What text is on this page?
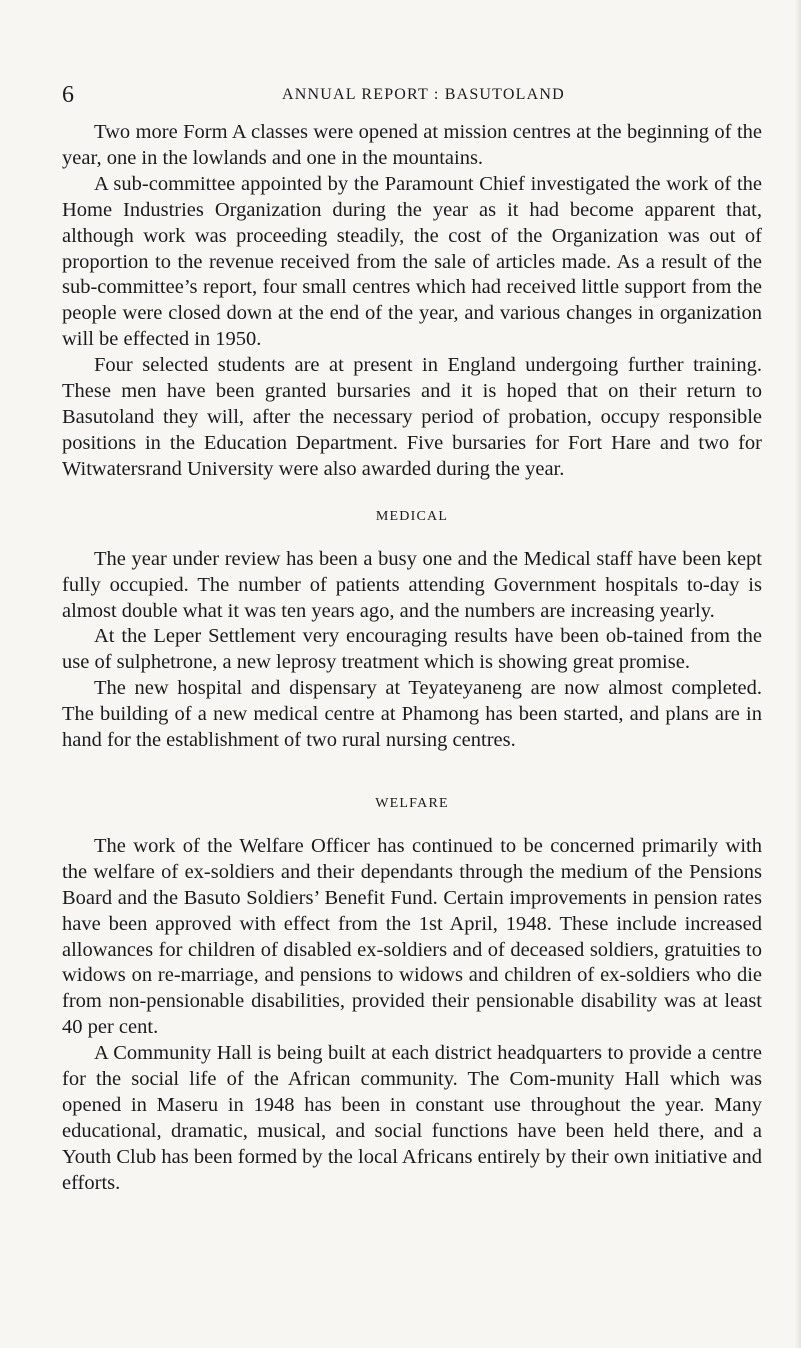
6	ANNUAL REPORT : BASUTOLAND

Two more Form A classes were opened at mission centres at the beginning of the year, one in the lowlands and one in the mountains.

A sub-committee appointed by the Paramount Chief investigated the work of the Home Industries Organization during the year as it had become apparent that, although work was proceeding steadily, the cost of the Organization was out of proportion to the revenue received from the sale of articles made. As a result of the sub-committee’s report, four small centres which had received little support from the people were closed down at the end of the year, and various changes in organization will be effected in 1950.

Four selected students are at present in England undergoing further training. These men have been granted bursaries and it is hoped that on their return to Basutoland they will, after the necessary period of probation, occupy responsible positions in the Education Department. Five bursaries for Fort Hare and two for Witwatersrand University were also awarded during the year.

MEDICAL

The year under review has been a busy one and the Medical staff have been kept fully occupied. The number of patients attending Government hospitals to-day is almost double what it was ten years ago, and the numbers are increasing yearly.

At the Leper Settlement very encouraging results have been ob-tained from the use of sulphetrone, a new leprosy treatment which is showing great promise.

The new hospital and dispensary at Teyateyaneng are now almost completed. The building of a new medical centre at Phamong has been started, and plans are in hand for the establishment of two rural nursing centres.

WELFARE

The work of the Welfare Officer has continued to be concerned primarily with the welfare of ex-soldiers and their dependants through the medium of the Pensions Board and the Basuto Soldiers’ Benefit Fund. Certain improvements in pension rates have been approved with effect from the 1st April, 1948. These include increased allowances for children of disabled ex-soldiers and of deceased soldiers, gratuities to widows on re-marriage, and pensions to widows and children of ex-soldiers who die from non-pensionable disabilities, provided their pensionable disability was at least 40 per cent.

A Community Hall is being built at each district headquarters to provide a centre for the social life of the African community. The Com-munity Hall which was opened in Maseru in 1948 has been in constant use throughout the year. Many educational, dramatic, musical, and social functions have been held there, and a Youth Club has been formed by the local Africans entirely by their own initiative and efforts.
